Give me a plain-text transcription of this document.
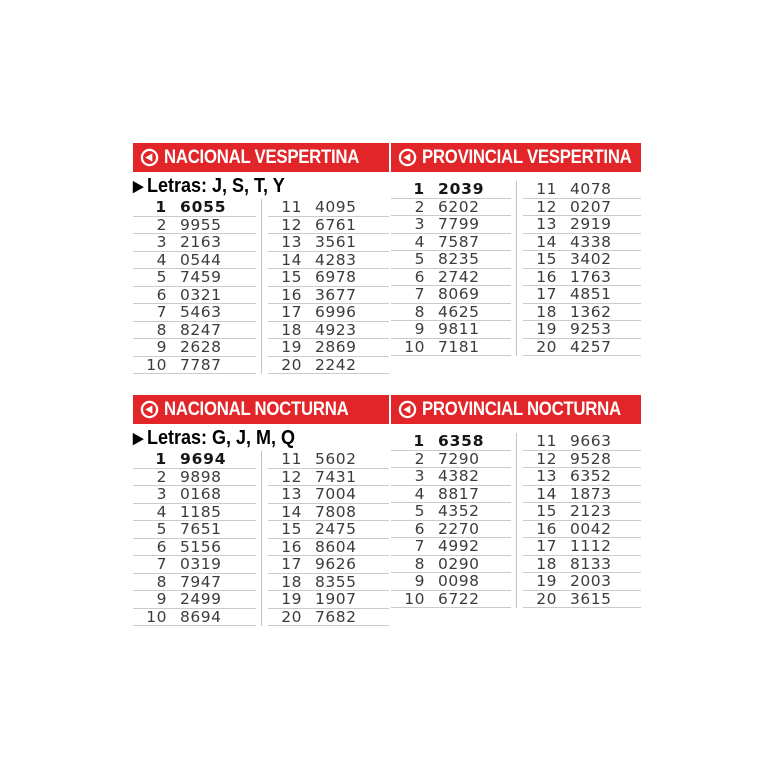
NACIONAL VESPERTINA
▶ Letras: J, S, T, Y
1 6055
2 9955
3 2163
4 0544
5 7459
6 0321
7 5463
8 8247
9 2628
10 7787
11 4095
12 6761
13 3561
14 4283
15 6978
16 3677
17 6996
18 4923
19 2869
20 2242
PROVINCIAL VESPERTINA
1 2039
2 6202
3 7799
4 7587
5 8235
6 2742
7 8069
8 4625
9 9811
10 7181
11 4078
12 0207
13 2919
14 4338
15 3402
16 1763
17 4851
18 1362
19 9253
20 4257
NACIONAL NOCTURNA
▶ Letras: G, J, M, Q
1 9694
2 9898
3 0168
4 1185
5 7651
6 5156
7 0319
8 7947
9 2499
10 8694
11 5602
12 7431
13 7004
14 7808
15 2475
16 8604
17 9626
18 8355
19 1907
20 7682
PROVINCIAL NOCTURNA
1 6358
2 7290
3 4382
4 8817
5 4352
6 2270
7 4992
8 0290
9 0098
10 6722
11 9663
12 9528
13 6352
14 1873
15 2123
16 0042
17 1112
18 8133
19 2003
20 3615
